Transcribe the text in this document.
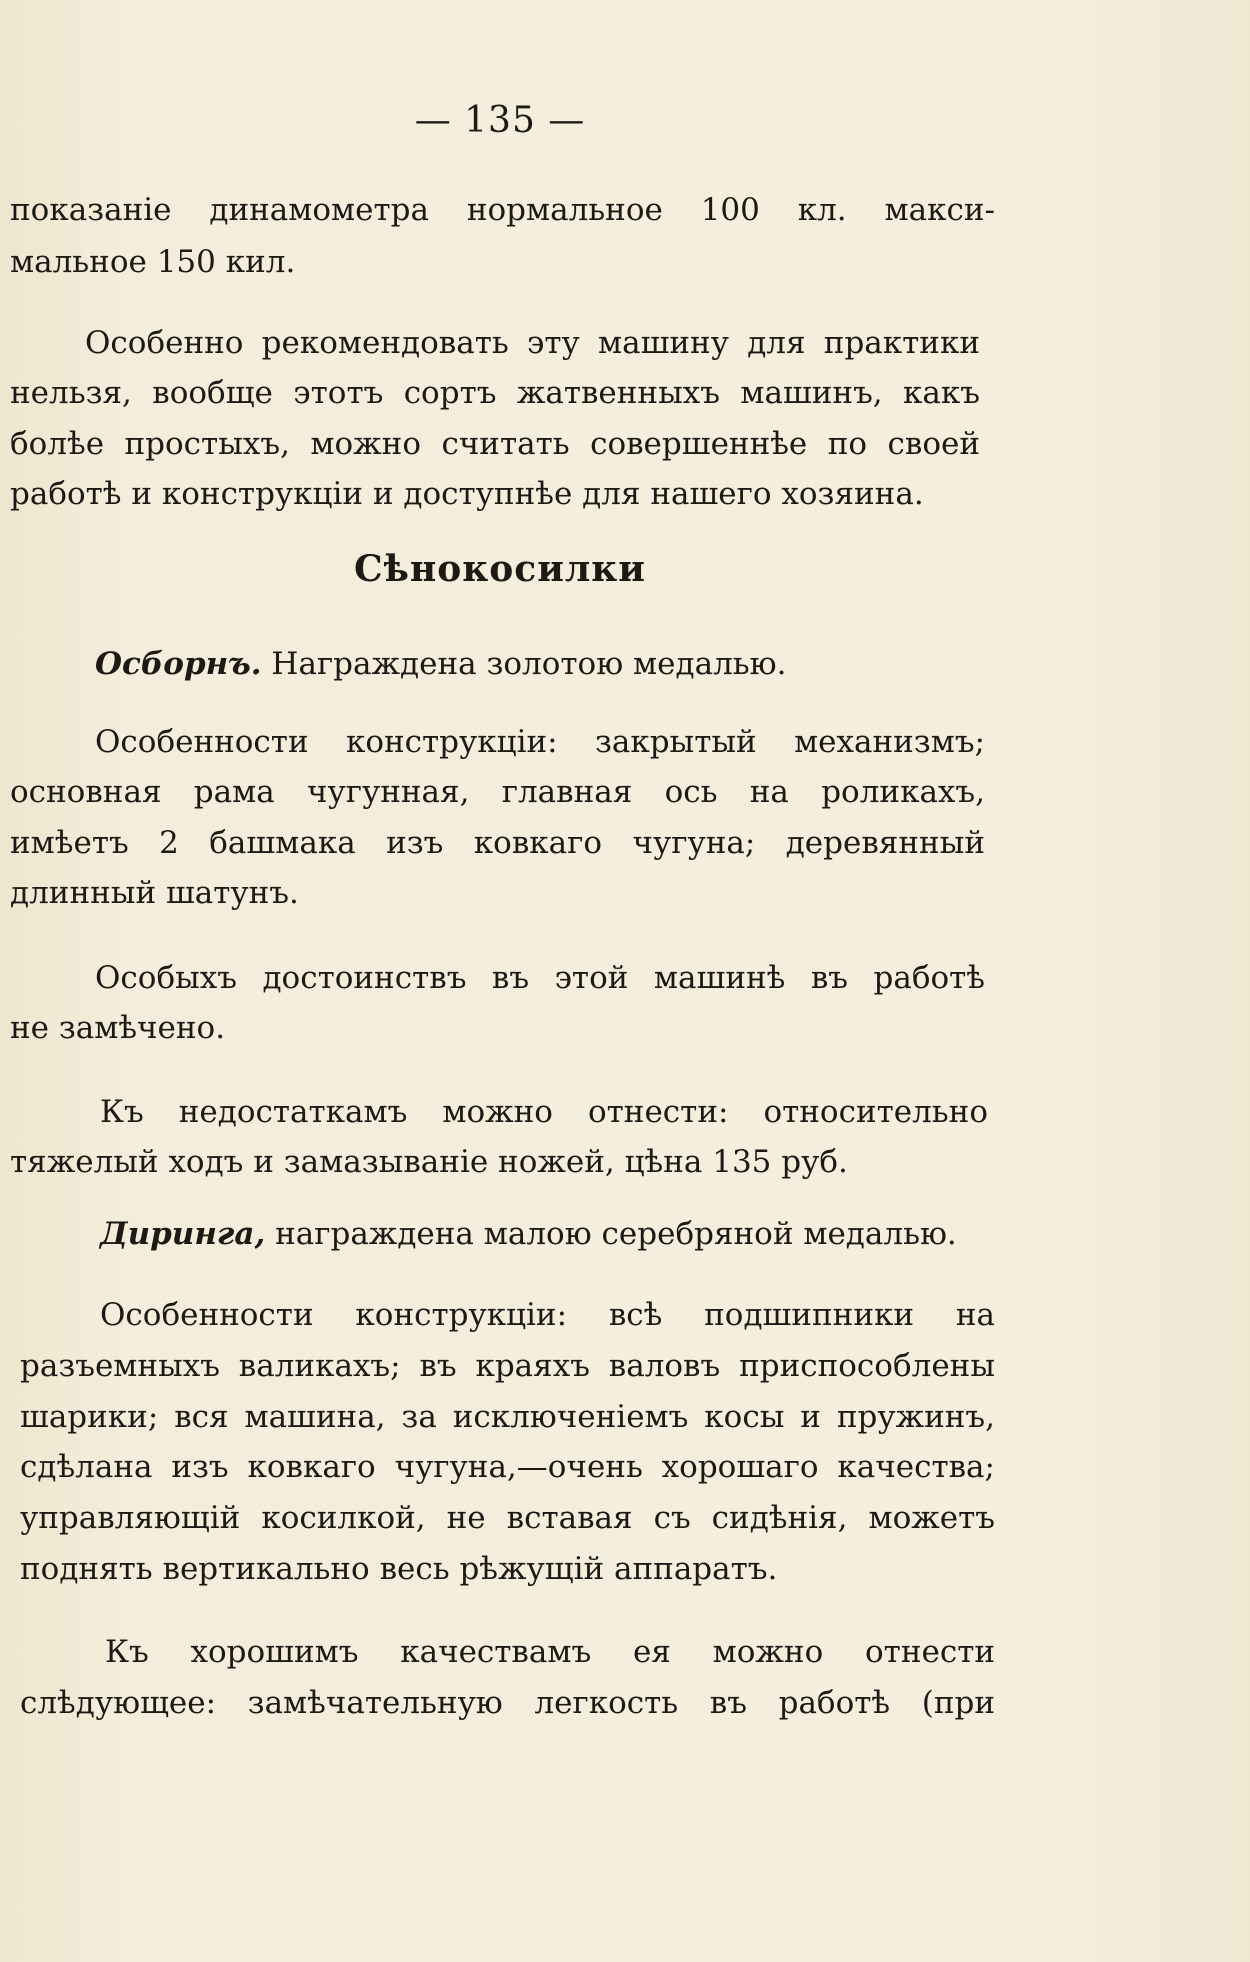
— 135 —
показаніе динамометра нормальное 100 кл. макси-
мальное 150 кил.
Особенно рекомендовать эту машину для практики
нельзя, вообще этотъ сортъ жатвенныхъ машинъ, какъ
болѣе простыхъ, можно считать совершеннѣе по своей
работѣ и конструкціи и доступнѣе для нашего хозяина.
Сѣнокосилки
Осборнъ. Награждена золотою медалью.
Особенности конструкціи: закрытый механизмъ;
основная рама чугунная, главная ось на роликахъ,
имѣетъ 2 башмака изъ ковкаго чугуна; деревянный
длинный шатунъ.
Особыхъ достоинствъ въ этой машинѣ въ работѣ
не замѣчено.
Къ недостаткамъ можно отнести: относительно
тяжелый ходъ и замазываніе ножей, цѣна 135 руб.
Диринга, награждена малою серебряной медалью.
Особенности конструкціи: всѣ подшипники на
разъемныхъ валикахъ; въ краяхъ валовъ приспособлены
шарики; вся машина, за исключеніемъ косы и пружинъ,
сдѣлана изъ ковкаго чугуна,—очень хорошаго качества;
управляющій косилкой, не вставая съ сидѣнія, можетъ
поднять вертикально весь рѣжущій аппаратъ.
Къ хорошимъ качествамъ ея можно отнести
слѣдующее: замѣчательную легкость въ работѣ (при
